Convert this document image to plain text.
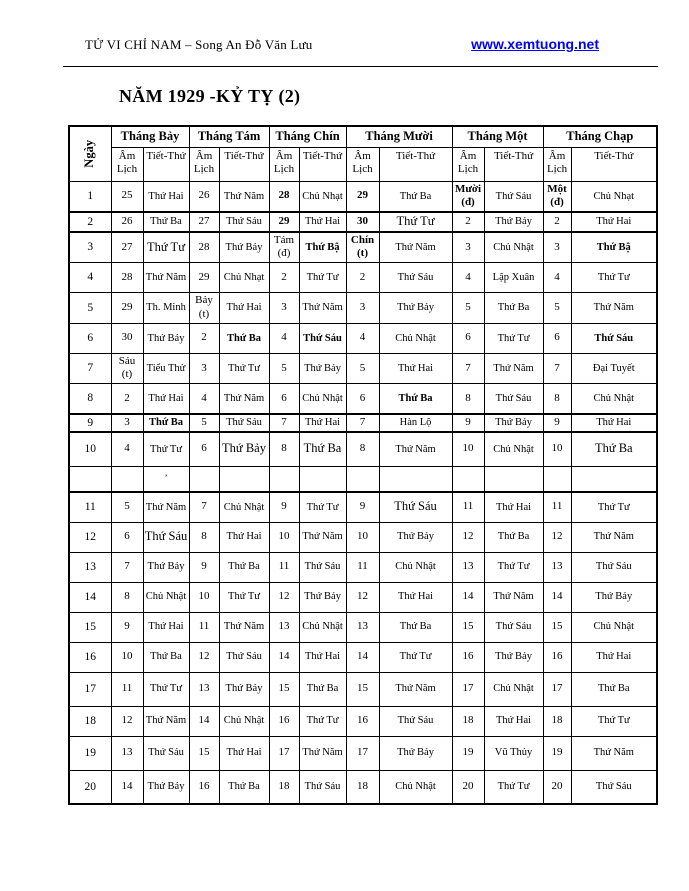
TỬ VI CHỈ NAM – Song An Đỗ Văn Lưu	www.xemtuong.net
NĂM 1929 -KỶ TỴ (2)
Ngày	Tháng Bảy		Tháng Tám		Tháng Chín		Tháng Mười		Tháng Một		Tháng Chạp	
	Âm Lịch	Tiết-Thứ	Âm Lịch	Tiết-Thứ	Âm Lịch	Tiết-Thứ	Âm Lịch	Tiết-Thứ	Âm Lịch	Tiết-Thứ	Âm Lịch	Tiết-Thứ
1	25	Thứ Hai	26	Thứ Năm	28	Chủ Nhạt	29	Thứ Ba	Mười (đ)	Thứ Sáu	Một (đ)	Chủ Nhạt
2	26	Thứ Ba	27	Thứ Sáu	29	Thứ Hai	30	Thứ Tư	2	Thứ Bảy	2	Thứ Hai
3	27	Thứ Tư	28	Thứ Bảy	Tám (đ)	Thứ Bậ	Chín (t)	Thứ Năm	3	Chủ Nhật	3	Thứ Bậ
4	28	Thứ Năm	29	Chủ Nhạt	2	Thứ Tư	2	Thứ Sáu	4	Lập Xuân	4	Thứ Tư
5	29	Th. Minh	Bảy (t)	Thứ Hai	3	Thứ Năm	3	Thứ Bảy	5	Thứ Ba	5	Thứ Năm
6	30	Thứ Bảy	2	Thứ Ba	4	Thứ Sáu	4	Chủ Nhật	6	Thứ Tư	6	Thứ Sáu
7	Sáu (t)	Tiểu Thử	3	Thứ Tư	5	Thứ Bảy	5	Thứ Hai	7	Thứ Năm	7	Đại Tuyết
8	2	Thứ Hai	4	Thứ Năm	6	Chủ Nhật	6	Thứ Ba	8	Thứ Sáu	8	Chủ Nhật
9	3	Thứ Ba	5	Thứ Sáu	7	Thứ Hai	7	Hàn Lộ	9	Thứ Bảy	9	Thứ Hai
10	4	Thứ Tư	6	Thứ Bảy	8	Thứ Ba	8	Thứ Năm	10	Chủ Nhật	10	Thứ Ba
		’										
11	5	Thứ Năm	7	Chủ Nhật	9	Thứ Tư	9	Thứ Sáu	11	Thứ Hai	11	Thứ Tư
12	6	Thứ Sáu	8	Thứ Hai	10	Thứ Năm	10	Thứ Bảy	12	Thứ Ba	12	Thứ Năm
13	7	Thứ Bảy	9	Thứ Ba	11	Thứ Sáu	11	Chủ Nhật	13	Thứ Tư	13	Thứ Sáu
14	8	Chủ Nhật	10	Thứ Tư	12	Thứ Bảy	12	Thứ Hai	14	Thứ Năm	14	Thứ Bảy
15	9	Thứ Hai	11	Thứ Năm	13	Chủ Nhật	13	Thứ Ba	15	Thứ Sáu	15	Chủ Nhật
16	10	Thứ Ba	12	Thứ Sáu	14	Thứ Hai	14	Thứ Tư	16	Thứ Bảy	16	Thứ Hai
17	11	Thứ Tư	13	Thứ Bảy	15	Thứ Ba	15	Thứ Năm	17	Chủ Nhật	17	Thứ Ba
18	12	Thứ Năm	14	Chủ Nhật	16	Thứ Tư	16	Thứ Sáu	18	Thứ Hai	18	Thứ Tư
19	13	Thứ Sáu	15	Thứ Hai	17	Thứ Năm	17	Thứ Bảy	19	Vũ Thủy	19	Thứ Năm
20	14	Thứ Bảy	16	Thứ Ba	18	Thứ Sáu	18	Chủ Nhật	20	Thứ Tư	20	Thứ Sáu
